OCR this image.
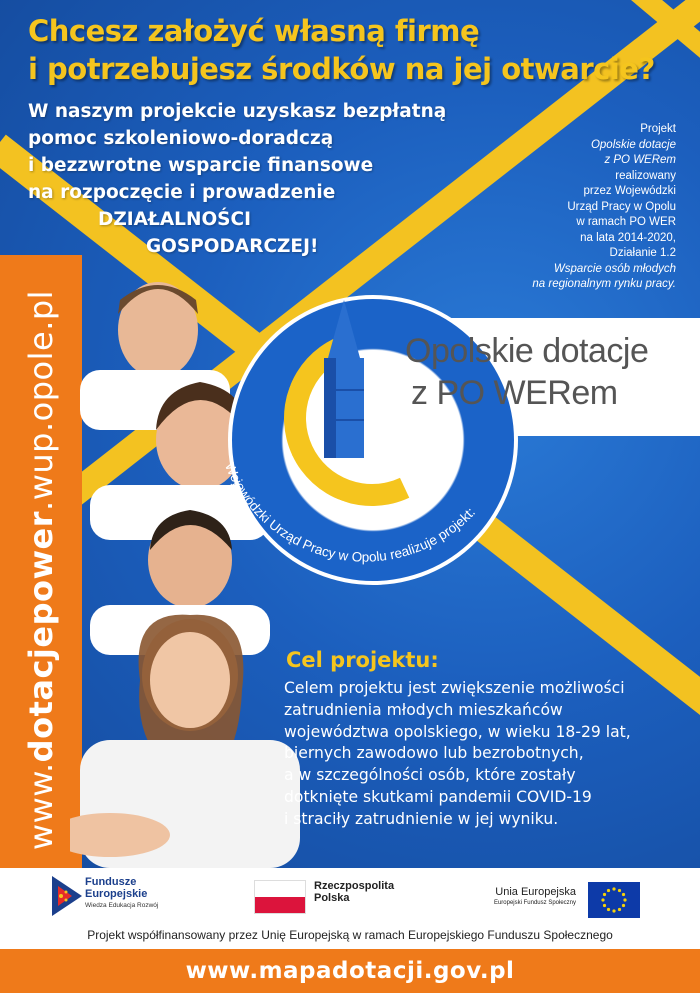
www.dotacjepower.wup.opole.pl
Chcesz założyć własną firmę
i potrzebujesz środków na jej otwarcie?
W naszym projekcie uzyskasz bezpłatną
pomoc szkoleniowo-doradczą
i bezzwrotne wsparcie finansowe
na rozpoczęcie i prowadzenie
DZIAŁALNOŚCI
GOSPODARCZEJ!
Projekt
Opolskie dotacje
z PO WERem
realizowany
przez Wojewódzki
Urząd Pracy w Opolu
w ramach PO WER
na lata 2014-2020,
Działanie 1.2
Wsparcie osób młodych
na regionalnym rynku pracy.
Opolskie dotacje
z PO WERem
Wojewódzki Urząd Pracy w Opolu realizuje projekt:
Cel projektu:
Celem projektu jest zwiększenie możliwości
zatrudnienia młodych mieszkańców
województwa opolskiego, w wieku 18-29 lat,
biernych zawodowo lub bezrobotnych,
a w szczególności osób, które zostały
dotknięte skutkami pandemii COVID-19
i straciły zatrudnienie w jej wyniku.
Fundusze
Europejskie
Wiedza Edukacja Rozwój
Rzeczpospolita
Polska	Unia Europejska
Europejski Fundusz Społeczny
Projekt współfinansowany przez Unię Europejską w ramach Europejskiego Funduszu Społecznego
www.mapadotacji.gov.pl
